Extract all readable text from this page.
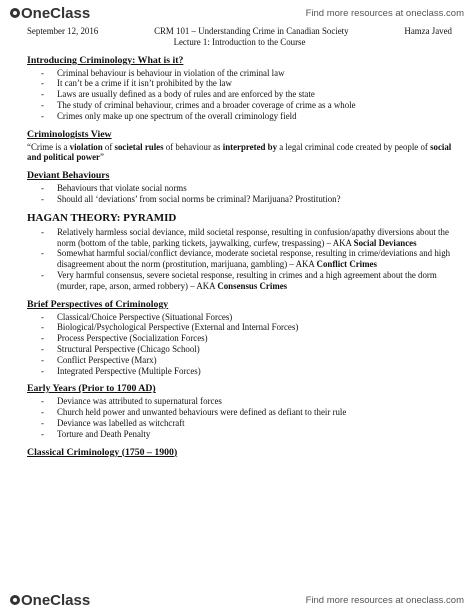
OneClass	Find more resources at oneclass.com
September 12, 2016	CRM 101 – Understanding Crime in Canadian Society	Hamza Javed
Lecture 1: Introduction to the Course
Introducing Criminology: What is it?
- Criminal behaviour is behaviour in violation of the criminal law
- It can’t be a crime if it isn’t prohibited by the law
- Laws are usually defined as a body of rules and are enforced by the state
- The study of criminal behaviour, crimes and a broader coverage of crime as a whole
- Crimes only make up one spectrum of the overall criminology field
Criminologists View

“Crime is a violation of societal rules of behaviour as interpreted by a legal criminal code created by people of social and political power”

Deviant Behaviours
- Behaviours that violate social norms
- Should all ‘deviations’ from social norms be criminal? Marijuana? Prostitution?
HAGAN THEORY: PYRAMID
- Relatively harmless social deviance, mild societal response, resulting in confusion/apathy diversions about the norm (bottom of the table, parking tickets, jaywalking, curfew, trespassing) – AKA Social Deviances
- Somewhat harmful social/conflict deviance, moderate societal response, resulting in crime/deviations and high disagreement about the norm (prostitution, marijuana, gambling) – AKA Conflict Crimes
- Very harmful consensus, severe societal response, resulting in crimes and a high agreement about the dorm (murder, rape, arson, armed robbery) – AKA Consensus Crimes
Brief Perspectives of Criminology
- Classical/Choice Perspective (Situational Forces)
- Biological/Psychological Perspective (External and Internal Forces)
- Process Perspective (Socialization Forces)
- Structural Perspective (Chicago School)
- Conflict Perspective (Marx)
- Integrated Perspective (Multiple Forces)
Early Years (Prior to 1700 AD)
- Deviance was attributed to supernatural forces
- Church held power and unwanted behaviours were defined as defiant to their rule
- Deviance was labelled as witchcraft
- Torture and Death Penalty
Classical Criminology (1750 – 1900)
OneClass	Find more resources at oneclass.com
